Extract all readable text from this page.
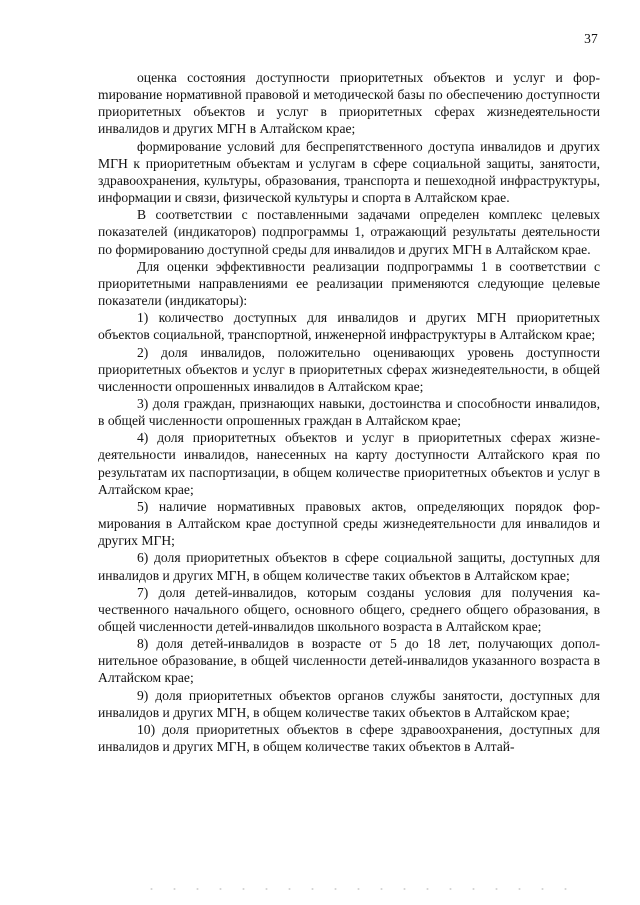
37

оценка состояния доступности приоритетных объектов и услуг и форmирование нормативной правовой и методической базы по обеспечению доступности приоритетных объектов и услуг в приоритетных сферах жизнедеятельности инвалидов и других МГН в Алтайском крае;

формирование условий для беспрепятственного доступа инвалидов и других МГН к приоритетным объектам и услугам в сфере социальной защиты, занятости, здравоохранения, культуры, образования, транспорта и пешеходной инфраструктуры, информации и связи, физической культуры и спорта в Алтайском крае.

В соответствии с поставленными задачами определен комплекс целевых показателей (индикаторов) подпрограммы 1, отражающий результаты деятельности по формированию доступной среды для инвалидов и других МГН в Алтайском крае.

Для оценки эффективности реализации подпрограммы 1 в соответствии с приоритетными направлениями ее реализации применяются следующие целевые показатели (индикаторы):

1) количество доступных для инвалидов и других МГН приоритетных объектов социальной, транспортной, инженерной инфраструктуры в Алтайском крае;

2) доля инвалидов, положительно оценивающих уровень доступности приоритетных объектов и услуг в приоритетных сферах жизнедеятельности, в общей численности опрошенных инвалидов в Алтайском крае;

3) доля граждан, признающих навыки, достоинства и способности инвалидов, в общей численности опрошенных граждан в Алтайском крае;

4) доля приоритетных объектов и услуг в приоритетных сферах жизнедеятельности инвалидов, нанесенных на карту доступности Алтайского края по результатам их паспортизации, в общем количестве приоритетных объектов и услуг в Алтайском крае;

5) наличие нормативных правовых актов, определяющих порядок формирования в Алтайском крае доступной среды жизнедеятельности для инвалидов и других МГН;

6) доля приоритетных объектов в сфере социальной защиты, доступных для инвалидов и других МГН, в общем количестве таких объектов в Алтайском крае;

7) доля детей-инвалидов, которым созданы условия для получения качественного начального общего, основного общего, среднего общего образования, в общей численности детей-инвалидов школьного возраста в Алтайском крае;

8) доля детей-инвалидов в возрасте от 5 до 18 лет, получающих дополнительное образование, в общей численности детей-инвалидов указанного возраста в Алтайском крае;

9) доля приоритетных объектов органов службы занятости, доступных для инвалидов и других МГН, в общем количестве таких объектов в Алтайском крае;

10) доля приоритетных объектов в сфере здравоохранения, доступных для инвалидов и других МГН, в общем количестве таких объектов в Алтай-
